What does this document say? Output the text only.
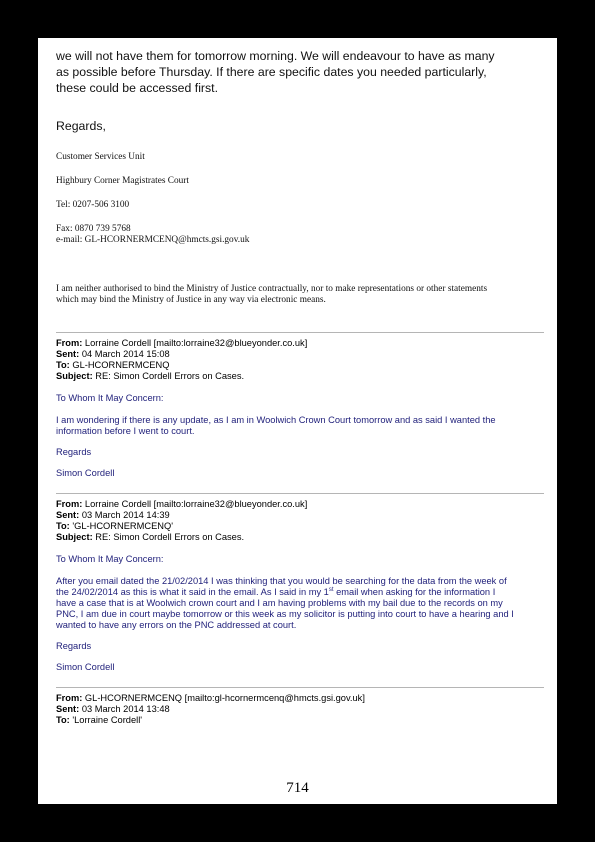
we will not have them for tomorrow morning. We will endeavour to have as many

as possible before Thursday. If there are specific dates you needed particularly,

these could be accessed first.

Regards,

Customer Services Unit

Highbury Corner Magistrates Court

Tel: 0207-506 3100

Fax: 0870 739 5768

e-mail: GL-HCORNERMCENQ@hmcts.gsi.gov.uk

I am neither authorised to bind the Ministry of Justice contractually, nor to make representations or other statements

which may bind the Ministry of Justice in any way via electronic means.

From: Lorraine Cordell [mailto:lorraine32@blueyonder.co.uk]

Sent: 04 March 2014 15:08

To: GL-HCORNERMCENQ

Subject: RE: Simon Cordell Errors on Cases.

To Whom It May Concern:

I am wondering if there is any update, as I am in Woolwich Crown Court tomorrow and as said I wanted the

information before I went to court.

Regards

Simon Cordell

From: Lorraine Cordell [mailto:lorraine32@blueyonder.co.uk]

Sent: 03 March 2014 14:39

To: 'GL-HCORNERMCENQ'

Subject: RE: Simon Cordell Errors on Cases.

To Whom It May Concern:

After you email dated the 21/02/2014 I was thinking that you would be searching for the data from the week of

the 24/02/2014 as this is what it said in the email. As I said in my 1st email when asking for the information I

have a case that is at Woolwich crown court and I am having problems with my bail due to the records on my

PNC, I am due in court maybe tomorrow or this week as my solicitor is putting into court to have a hearing and I

wanted to have any errors on the PNC addressed at court.

Regards

Simon Cordell

From: GL-HCORNERMCENQ [mailto:gl-hcornermcenq@hmcts.gsi.gov.uk]

Sent: 03 March 2014 13:48

To: 'Lorraine Cordell'

714
